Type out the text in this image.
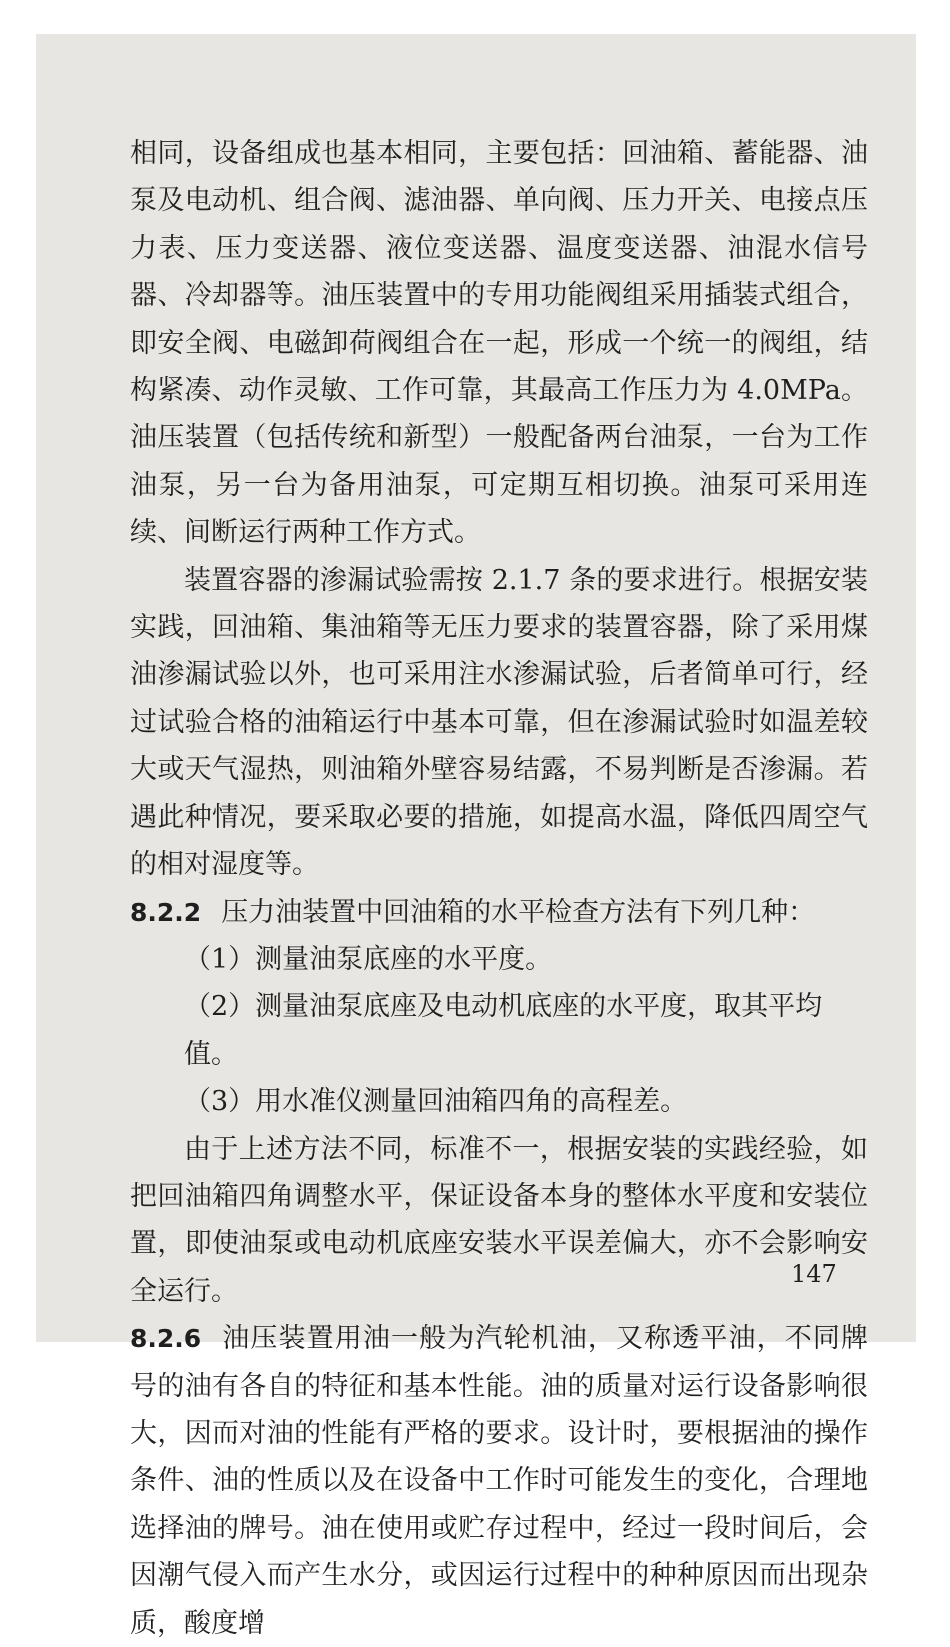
相同，设备组成也基本相同，主要包括：回油箱、蓄能器、油泵及电动机、组合阀、滤油器、单向阀、压力开关、电接点压力表、压力变送器、液位变送器、温度变送器、油混水信号器、冷却器等。油压装置中的专用功能阀组采用插装式组合，即安全阀、电磁卸荷阀组合在一起，形成一个统一的阀组，结构紧凑、动作灵敏、工作可靠，其最高工作压力为 4.0MPa。油压装置（包括传统和新型）一般配备两台油泵，一台为工作油泵，另一台为备用油泵，可定期互相切换。油泵可采用连续、间断运行两种工作方式。

装置容器的渗漏试验需按 2.1.7 条的要求进行。根据安装实践，回油箱、集油箱等无压力要求的装置容器，除了采用煤油渗漏试验以外，也可采用注水渗漏试验，后者简单可行，经过试验合格的油箱运行中基本可靠，但在渗漏试验时如温差较大或天气湿热，则油箱外壁容易结露，不易判断是否渗漏。若遇此种情况，要采取必要的措施，如提高水温，降低四周空气的相对湿度等。

8.2.2 压力油装置中回油箱的水平检查方法有下列几种：

（1）测量油泵底座的水平度。

（2）测量油泵底座及电动机底座的水平度，取其平均值。

（3）用水准仪测量回油箱四角的高程差。

由于上述方法不同，标准不一，根据安装的实践经验，如把回油箱四角调整水平，保证设备本身的整体水平度和安装位置，即使油泵或电动机底座安装水平误差偏大，亦不会影响安全运行。

8.2.6 油压装置用油一般为汽轮机油，又称透平油，不同牌号的油有各自的特征和基本性能。油的质量对运行设备影响很大，因而对油的性能有严格的要求。设计时，要根据油的操作条件、油的性质以及在设备中工作时可能发生的变化，合理地选择油的牌号。油在使用或贮存过程中，经过一段时间后，会因潮气侵入而产生水分，或因运行过程中的种种原因而出现杂质，酸度增

147
